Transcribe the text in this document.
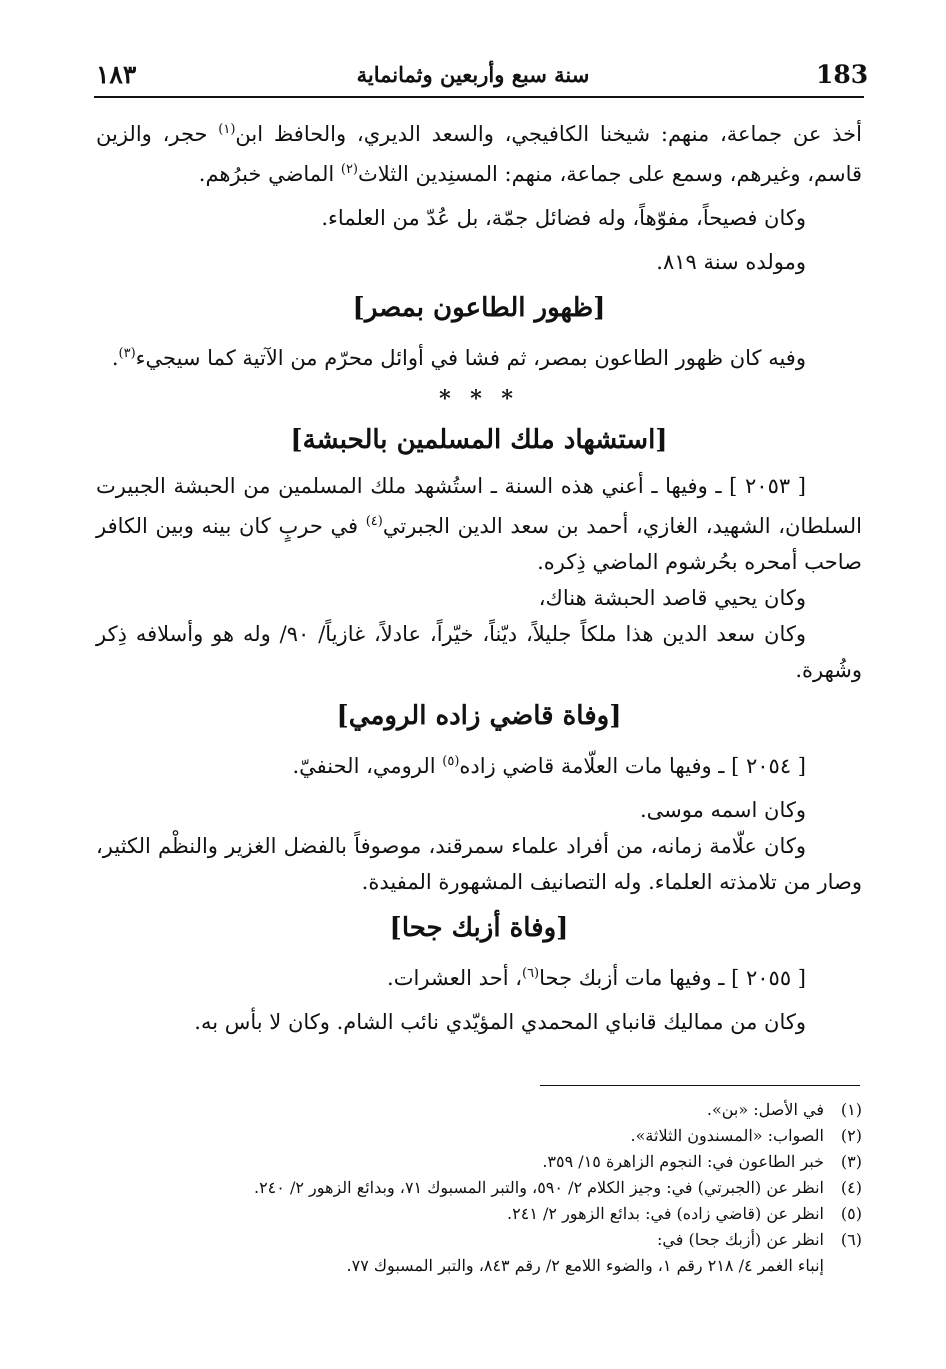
183
سنة سبع وأربعين وثمانماية
١٨٣

أخذ عن جماعة، منهم: شيخنا الكافيجي، والسعد الديري، والحافظ ابن$^{(١)}$ حجر، والزين قاسم، وغيرهم، وسمع على جماعة، منهم: المسنِدين الثلاث$^{(٢)}$ الماضي خبرُهم.

وكان فصيحاً، مفوّهاً، وله فضائل جمّة، بل عُدّ من العلماء.

ومولده سنة ٨١٩.

[ظهور الطاعون بمصر]

وفيه كان ظهور الطاعون بمصر، ثم فشا في أوائل محرّم من الآتية كما سيجيء$^{(٣)}$.

* * *
[استشهاد ملك المسلمين بالحبشة]

[ ٢٠٥٣ ] ـ وفيها ـ أعني هذه السنة ـ استُشهد ملك المسلمين من الحبشة الجبيرت السلطان، الشهيد، الغازي، أحمد بن سعد الدين الجبرتي$^{(٤)}$ في حربٍ كان بينه وبين الكافر صاحب أمحره بحُرشوم الماضي ذِكره.

وكان يحيي قاصد الحبشة هناك،

وكان سعد الدين هذا ملكاً جليلاً، ديّناً، خيّراً، عادلاً، غازياً/ ٩٠/ وله هو وأسلافه ذِكر وشُهرة.

[وفاة قاضي زاده الرومي]

[ ٢٠٥٤ ] ـ وفيها مات العلّامة قاضي زاده$^{(٥)}$ الرومي، الحنفيّ.

وكان اسمه موسى.

وكان علّامة زمانه، من أفراد علماء سمرقند، موصوفاً بالفضل الغزير والنظْم الكثير، وصار من تلامذته العلماء. وله التصانيف المشهورة المفيدة.

[وفاة أزبك جحا]

[ ٢٠٥٥ ] ـ وفيها مات أزبك جحا$^{(٦)}$، أحد العشرات.

وكان من مماليك قانباي المحمدي المؤيّدي نائب الشام. وكان لا بأس به.

(١)في الأصل: «بن».

(٢)الصواب: «المسندون الثلاثة».

(٣)خبر الطاعون في: النجوم الزاهرة ١٥/ ٣٥٩.

(٤)انظر عن (الجبرتي) في: وجيز الكلام ٢/ ٥٩٠، والتبر المسبوك ٧١، وبدائع الزهور ٢/ ٢٤٠.

(٥)انظر عن (قاضي زاده) في: بدائع الزهور ٢/ ٢٤١.

(٦)انظر عن (أزبك جحا) في:

إنباء الغمر ٤/ ٢١٨ رقم ١، والضوء اللامع ٢/ رقم ٨٤٣، والتبر المسبوك ٧٧.
